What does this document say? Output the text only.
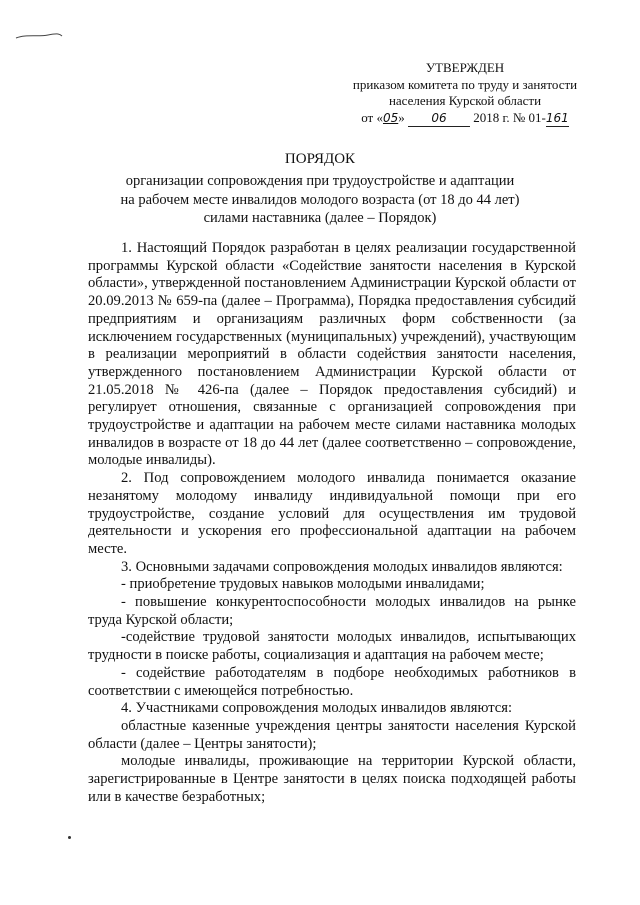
УТВЕРЖДЕН
приказом комитета по труду и занятости
населения Курской области
от «05» 06 2018 г. № 01-161
ПОРЯДОК
организации сопровождения при трудоустройстве и адаптации
на рабочем месте инвалидов молодого возраста (от 18 до 44 лет)
силами наставника (далее – Порядок)

1. Настоящий Порядок разработан в целях реализации государственной программы Курской области «Содействие занятости населения в Курской области», утвержденной постановлением Администрации Курской области от 20.09.2013 № 659-па (далее – Программа), Порядка предоставления субсидий предприятиям и организациям различных форм собственности (за исключением государственных (муниципальных) учреждений), участвующим в реализации мероприятий в области содействия занятости населения, утвержденного постановлением Администрации Курской области от 21.05.2018 № 426-па (далее – Порядок предоставления субсидий) и регулирует отношения, связанные с организацией сопровождения при трудоустройстве и адаптации на рабочем месте силами наставника молодых инвалидов в возрасте от 18 до 44 лет (далее соответственно – сопровождение, молодые инвалиды).

2. Под сопровождением молодого инвалида понимается оказание незанятому молодому инвалиду индивидуальной помощи при его трудоустройстве, создание условий для осуществления им трудовой деятельности и ускорения его профессиональной адаптации на рабочем месте.

3. Основными задачами сопровождения молодых инвалидов являются:

- приобретение трудовых навыков молодыми инвалидами;

- повышение конкурентоспособности молодых инвалидов на рынке труда Курской области;

-содействие трудовой занятости молодых инвалидов, испытывающих трудности в поиске работы, социализация и адаптация на рабочем месте;

- содействие работодателям в подборе необходимых работников в соответствии с имеющейся потребностью.

4. Участниками сопровождения молодых инвалидов являются:

областные казенные учреждения центры занятости населения Курской области (далее – Центры занятости);

молодые инвалиды, проживающие на территории Курской области, зарегистрированные в Центре занятости в целях поиска подходящей работы или в качестве безработных;
